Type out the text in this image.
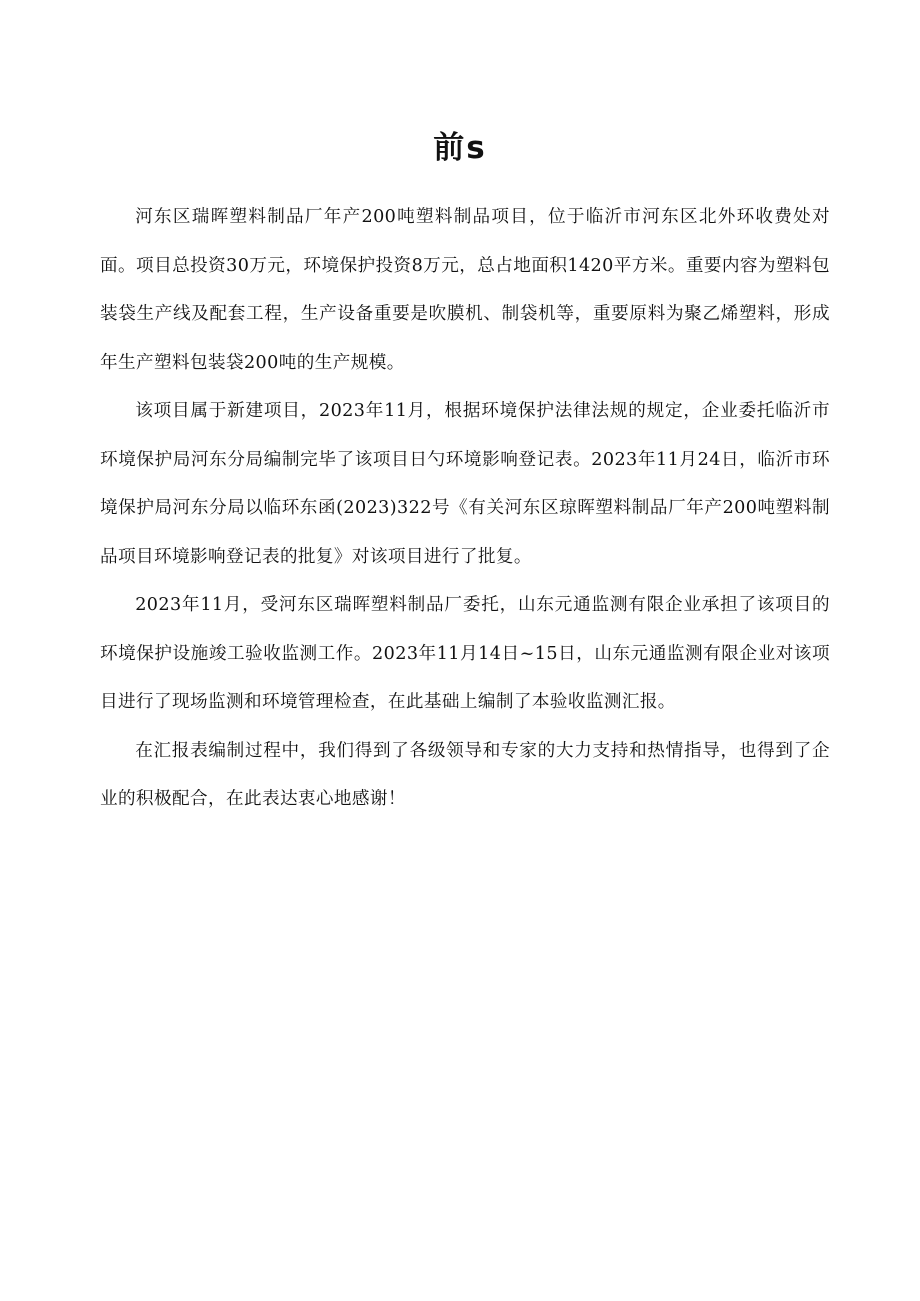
前s

河东区瑞晖塑料制品厂年产200吨塑料制品项目，位于临沂市河东区北外环收费处对面。项目总投资30万元，环境保护投资8万元，总占地面积1420平方米。重要内容为塑料包装袋生产线及配套工程，生产设备重要是吹膜机、制袋机等，重要原料为聚乙烯塑料，形成年生产塑料包装袋200吨的生产规模。

该项目属于新建项目，2023年11月，根据环境保护法律法规的规定，企业委托临沂市环境保护局河东分局编制完毕了该项目日勺环境影响登记表。2023年11月24日，临沂市环境保护局河东分局以临环东函(2023)322号《有关河东区琼晖塑料制品厂年产200吨塑料制品项目环境影响登记表的批复》对该项目进行了批复。

2023年11月，受河东区瑞晖塑料制品厂委托，山东元通监测有限企业承担了该项目的环境保护设施竣工验收监测工作。2023年11月14日~15日，山东元通监测有限企业对该项目进行了现场监测和环境管理检查，在此基础上编制了本验收监测汇报。

在汇报表编制过程中，我们得到了各级领导和专家的大力支持和热情指导，也得到了企业的积极配合，在此表达衷心地感谢！
